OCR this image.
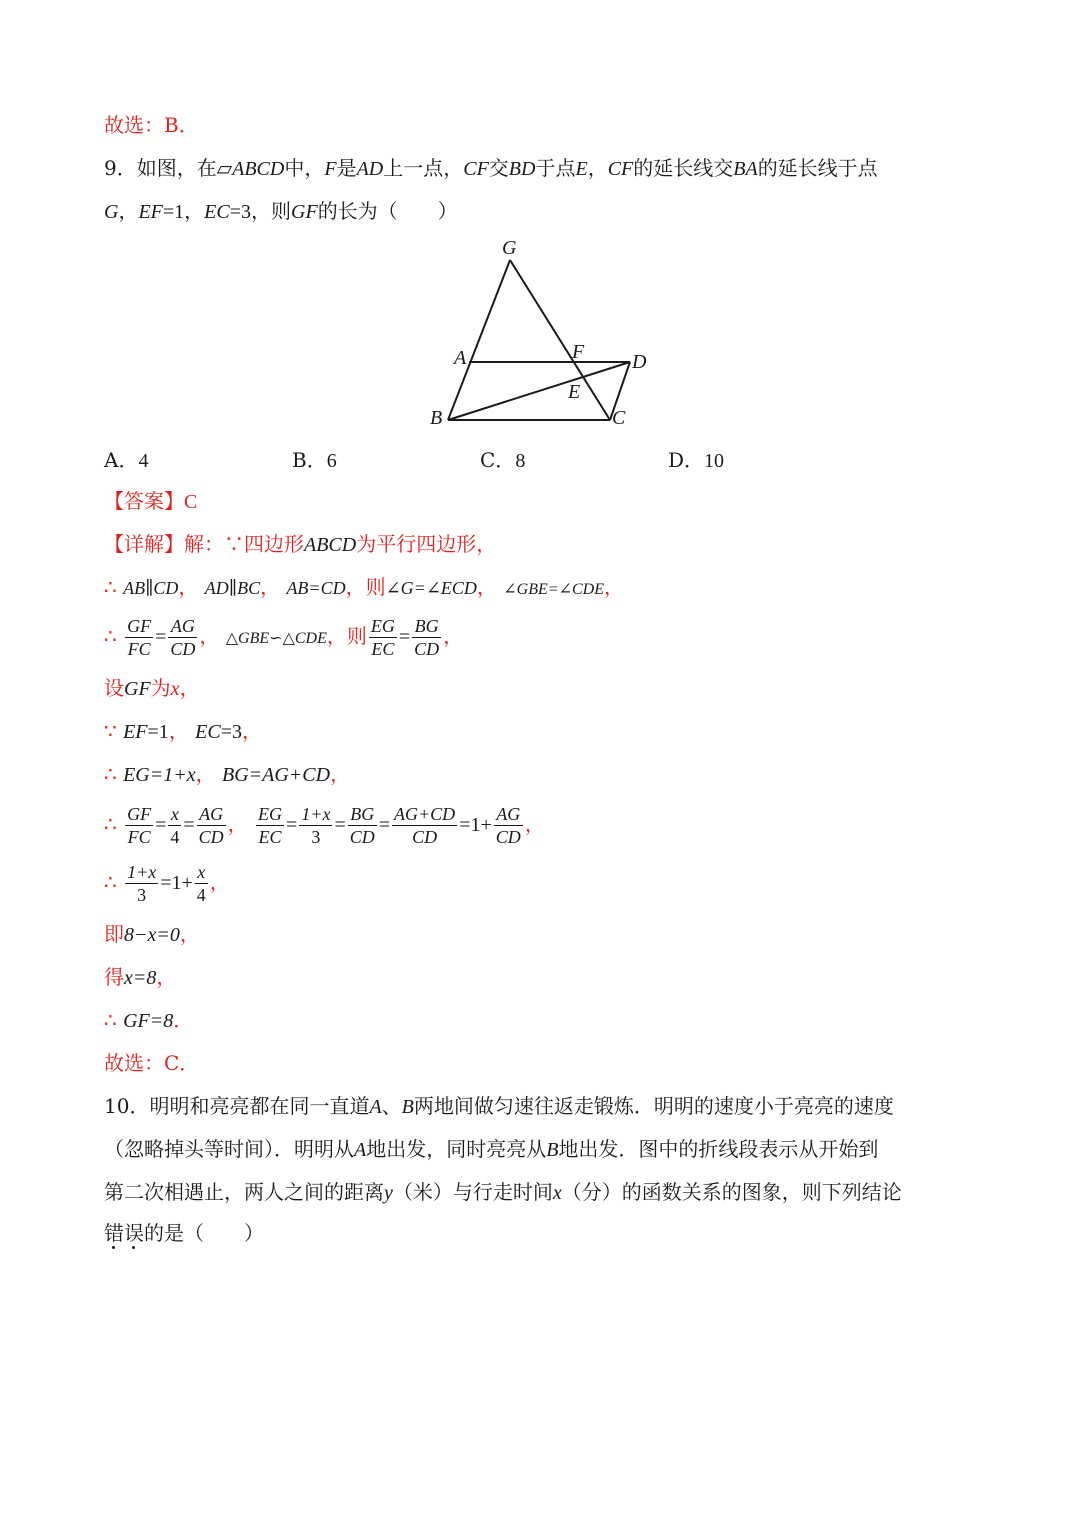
故选：B．
9．如图，在▱ABCD中，F是AD上一点，CF交BD于点E，CF的延长线交BA的延长线于点
G，EF=1，EC=3，则GF的长为（　　）
G
A	F D
E
B	C
A．4	B．6	C．8	D．10
【答案】C
【详解】解：∵四边形ABCD为平行四边形，
∴ AB∥CD， AD∥BC， AB=CD，则∠G=∠ECD， ∠GBE=∠CDE，
∴ $\frac{GF}{FC} = \frac{AG}{CD}$ ， △GBE∽△CDE，则 $\frac{EG}{EC} = \frac{BG}{CD}$ ，
设GF为x，
∵ EF=1， EC=3，
∴ EG=1+x， BG=AG+CD，
∴ $\frac{GF}{FC} = \frac{x}{4} = \frac{AG}{CD}$ ， $\frac{EG}{EC} = \frac{1+x}{3} = \frac{BG}{CD} = \frac{AG+CD}{CD} =1+ \frac{AG}{CD}$ ，
∴ $\frac{1+x}{3} =1+ \frac{x}{4}$ ，
即8−x=0，
得x=8，
∴ GF=8．
故选：C．
10．明明和亮亮都在同一直道A、B两地间做匀速往返走锻炼．明明的速度小于亮亮的速度
（忽略掉头等时间）．明明从A地出发，同时亮亮从B地出发．图中的折线段表示从开始到
第二次相遇止，两人之间的距离y（米）与行走时间x（分）的函数关系的图象，则下列结论
错误的是（　　）
